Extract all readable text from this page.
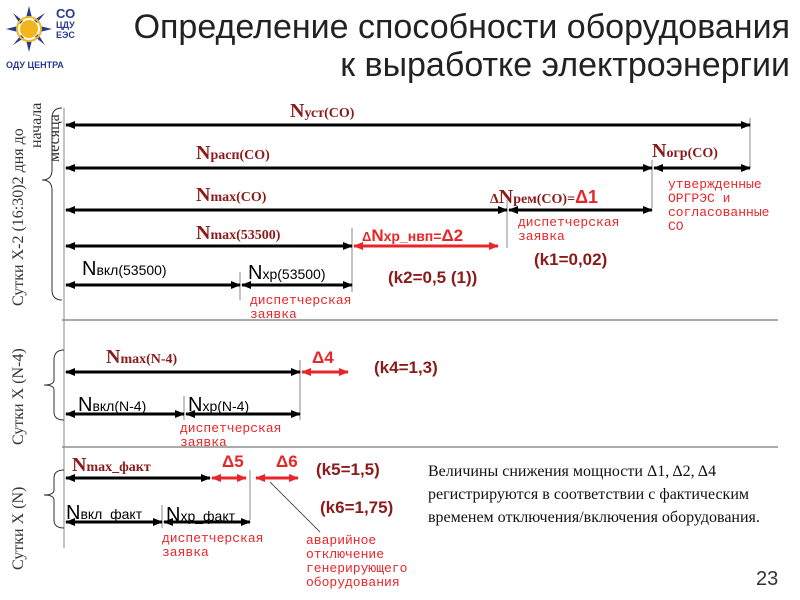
СО
ЦДУ
ЕЭС
ОДУ ЦЕНТРА
Определение способности оборудования
к выработке электроэнергии
Сутки Х-2 (16:30)2 дня до
начала месяца
Сутки Х (N-4)
Сутки Х (N)
Nуст(СО)
Nрасп(СО)	Nогр(СО)
Nmax(СО)	ΔNрем(СО)=Δ1
Nmax(53500)	ΔNхр_нвп=Δ2
Nвкл(53500)	Nхр(53500)
Nmax(N-4)	Δ4
Nвкл(N-4) Nхр(N-4)
Nmax_факт	Δ5 Δ6
Nвкл_факт Nхр_факт
утвержденные
ОРГРЭС и
согласованные
СО
диспетчерская
заявка
диспетчерская
заявка
диспетчерская
заявка
диспетчерская
заявка
аварийное
отключение
генерирующего
оборудования
(k1=0,02)
(k2=0,5 (1))
(k4=1,3)
(k5=1,5)
(k6=1,75)
Величины снижения мощности Δ1, Δ2, Δ4 регистрируются в соответствии с фактическим временем отключения/включения оборудования.
23
